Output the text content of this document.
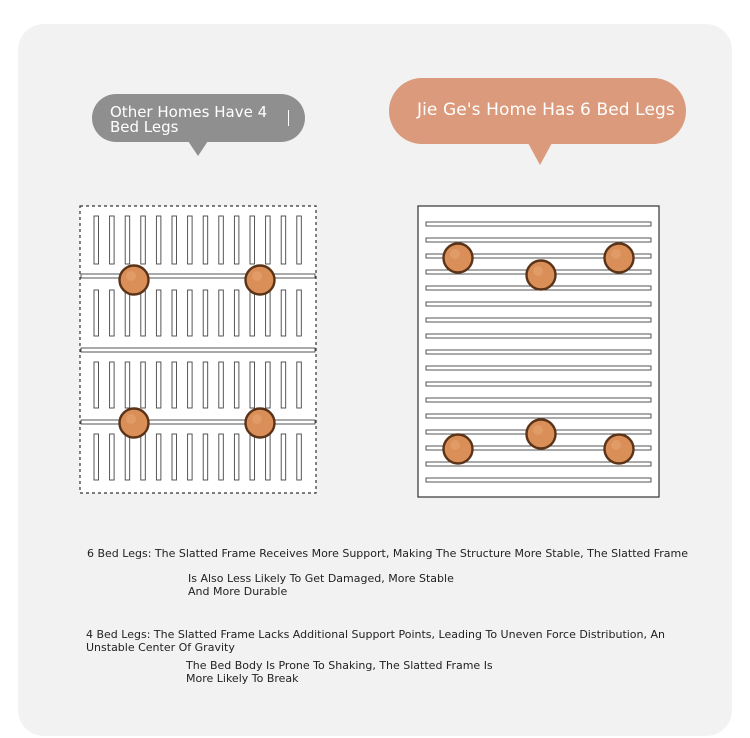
Other Homes Have 4 Bed Legs
Jie Ge's Home Has 6 Bed Legs
6 Bed Legs: The Slatted Frame Receives More Support, Making The Structure More Stable, The Slatted Frame
Is Also Less Likely To Get Damaged, More Stable
And More Durable
4 Bed Legs: The Slatted Frame Lacks Additional Support Points, Leading To Uneven Force Distribution, An
Unstable Center Of Gravity
The Bed Body Is Prone To Shaking, The Slatted Frame Is
More Likely To Break
